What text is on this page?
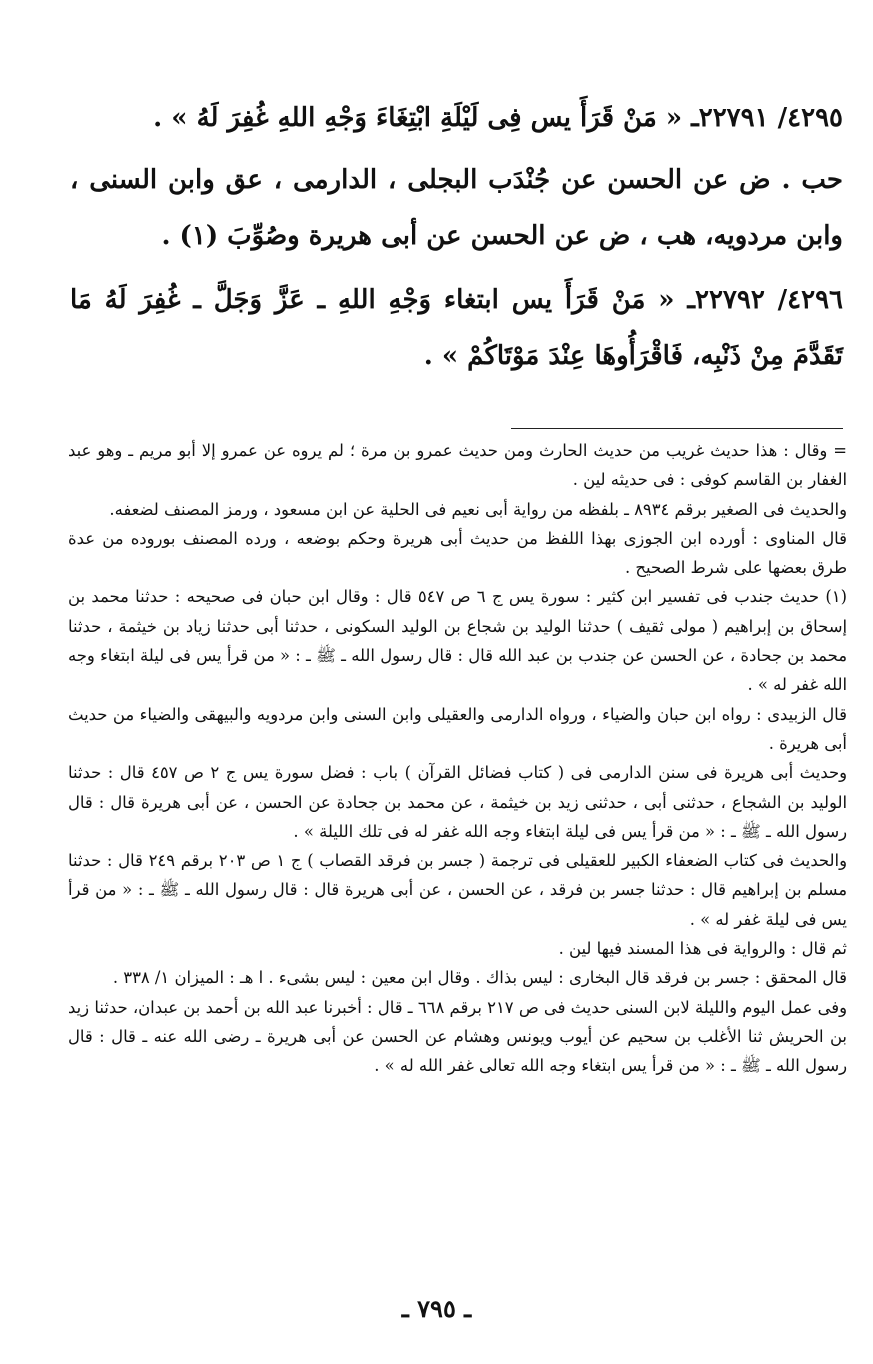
٤٢٩٥/ ٢٢٧٩١ـ « مَنْ قَرَأَ يس فِى لَيْلَةِ ابْتِغَاءَ وَجْهِ اللهِ غُفِرَ لَهُ » .

حب . ض عن الحسن عن جُنْدَب البجلى ، الدارمى ، عق وابن السنى ، وابن مردويه، هب ، ض عن الحسن عن أبى هريرة وصُوِّبَ (١) .

٤٢٩٦/ ٢٢٧٩٢ـ « مَنْ قَرَأَ يس ابتغاء وَجْهِ اللهِ ـ عَزَّ وَجَلَّ ـ غُفِرَ لَهُ مَا تَقَدَّمَ مِنْ ذَنْبِه، فَاقْرَأُوهَا عِنْدَ مَوْتَاكُمْ » .

= وقال : هذا حديث غريب من حديث الحارث ومن حديث عمرو بن مرة ؛ لم يروه عن عمرو إلا أبو مريم ـ وهو عبد الغفار بن القاسم كوفى : فى حديثه لين .

والحديث فى الصغير برقم ٨٩٣٤ ـ بلفظه من رواية أبى نعيم فى الحلية عن ابن مسعود ، ورمز المصنف لضعفه.

قال المناوى : أورده ابن الجوزى بهذا اللفظ من حديث أبى هريرة وحكم بوضعه ، ورده المصنف بوروده من عدة طرق بعضها على شرط الصحيح .

(١) حديث جندب فى تفسير ابن كثير : سورة يس ج ٦ ص ٥٤٧ قال : وقال ابن حبان فى صحيحه : حدثنا محمد بن إسحاق بن إبراهيم ( مولى ثقيف ) حدثنا الوليد بن شجاع بن الوليد السكونى ، حدثنا أبى حدثنا زياد بن خيثمة ، حدثنا محمد بن جحادة ، عن الحسن عن جندب بن عبد الله قال : قال رسول الله ـ ﷺ ـ : « من قرأ يس فى ليلة ابتغاء وجه الله غفر له » .

قال الزبيدى : رواه ابن حبان والضياء ، ورواه الدارمى والعقيلى وابن السنى وابن مردويه والبيهقى والضياء من حديث أبى هريرة .

وحديث أبى هريرة فى سنن الدارمى فى ( كتاب فضائل القرآن ) باب : فضل سورة يس ج ٢ ص ٤٥٧ قال : حدثنا الوليد بن الشجاع ، حدثنى أبى ، حدثنى زيد بن خيثمة ، عن محمد بن جحادة عن الحسن ، عن أبى هريرة قال : قال رسول الله ـ ﷺ ـ : « من قرأ يس فى ليلة ابتغاء وجه الله غفر له فى تلك الليلة » .

والحديث فى كتاب الضعفاء الكبير للعقيلى فى ترجمة ( جسر بن فرقد القصاب ) ج ١ ص ٢٠٣ برقم ٢٤٩ قال : حدثنا مسلم بن إبراهيم قال : حدثنا جسر بن فرقد ، عن الحسن ، عن أبى هريرة قال : قال رسول الله ـ ﷺ ـ : « من قرأ يس فى ليلة غفر له » .

ثم قال : والرواية فى هذا المسند فيها لين .

قال المحقق : جسر بن فرقد قال البخارى : ليس بذاك . وقال ابن معين : ليس بشىء . ا هـ : الميزان ١/ ٣٣٨ .

وفى عمل اليوم والليلة لابن السنى حديث فى ص ٢١٧ برقم ٦٦٨ ـ قال : أخبرنا عبد الله بن أحمد بن عبدان، حدثنا زيد بن الحريش ثنا الأغلب بن سحيم عن أيوب ويونس وهشام عن الحسن عن أبى هريرة ـ رضى الله عنه ـ قال : قال رسول الله ـ ﷺ ـ : « من قرأ يس ابتغاء وجه الله تعالى غفر الله له » .

ـ ٧٩٥ ـ
